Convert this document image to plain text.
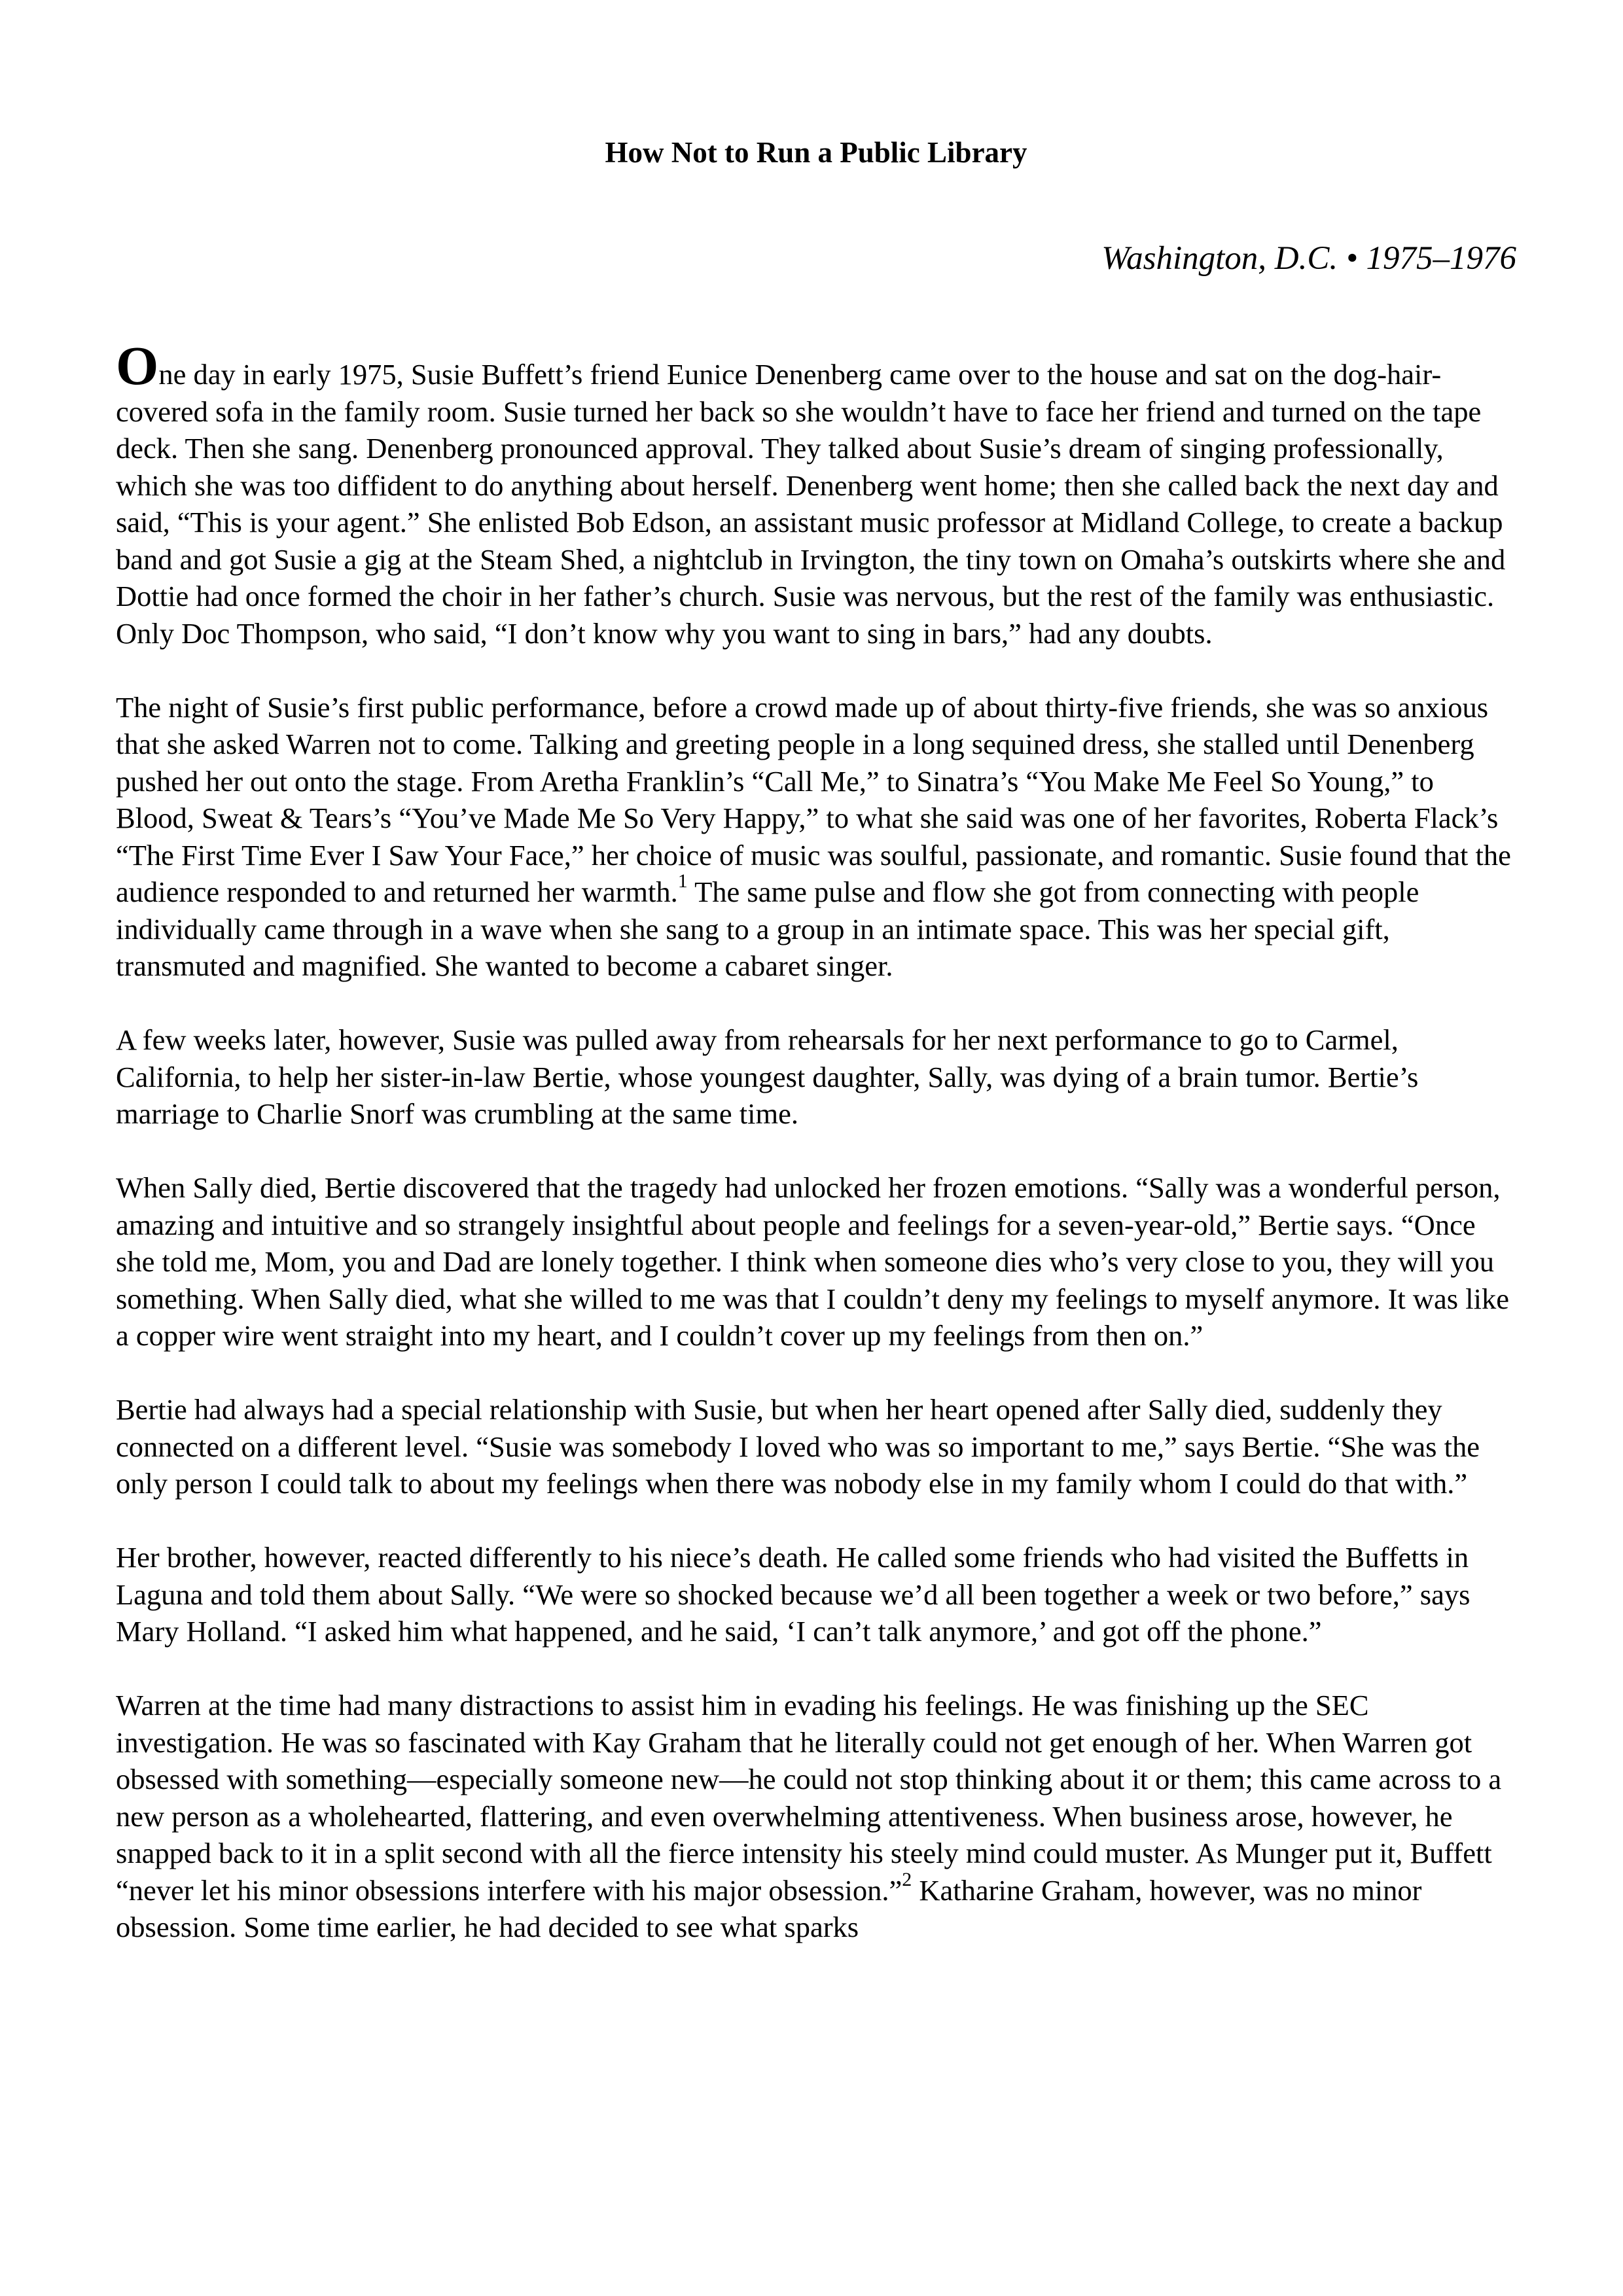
How Not to Run a Public Library
Washington, D.C. • 1975–1976

One day in early 1975, Susie Buffett’s friend Eunice Denenberg came over to the house and sat on the dog-hair-covered sofa in the family room. Susie turned her back so she wouldn’t have to face her friend and turned on the tape deck. Then she sang. Denenberg pronounced approval. They talked about Susie’s dream of singing professionally, which she was too diffident to do anything about herself. Denenberg went home; then she called back the next day and said, “This is your agent.” She enlisted Bob Edson, an assistant music professor at Midland College, to create a backup band and got Susie a gig at the Steam Shed, a nightclub in Irvington, the tiny town on Omaha’s outskirts where she and Dottie had once formed the choir in her father’s church. Susie was nervous, but the rest of the family was enthusiastic. Only Doc Thompson, who said, “I don’t know why you want to sing in bars,” had any doubts.

The night of Susie’s first public performance, before a crowd made up of about thirty-five friends, she was so anxious that she asked Warren not to come. Talking and greeting people in a long sequined dress, she stalled until Denenberg pushed her out onto the stage. From Aretha Franklin’s “Call Me,” to Sinatra’s “You Make Me Feel So Young,” to Blood, Sweat & Tears’s “You’ve Made Me So Very Happy,” to what she said was one of her favorites, Roberta Flack’s “The First Time Ever I Saw Your Face,” her choice of music was soulful, passionate, and romantic. Susie found that the audience responded to and returned her warmth.$^1$ The same pulse and flow she got from connecting with people individually came through in a wave when she sang to a group in an intimate space. This was her special gift, transmuted and magnified. She wanted to become a cabaret singer.

A few weeks later, however, Susie was pulled away from rehearsals for her next performance to go to Carmel, California, to help her sister-in-law Bertie, whose youngest daughter, Sally, was dying of a brain tumor. Bertie’s marriage to Charlie Snorf was crumbling at the same time.

When Sally died, Bertie discovered that the tragedy had unlocked her frozen emotions. “Sally was a wonderful person, amazing and intuitive and so strangely insightful about people and feelings for a seven-year-old,” Bertie says. “Once she told me, Mom, you and Dad are lonely together. I think when someone dies who’s very close to you, they will you something. When Sally died, what she willed to me was that I couldn’t deny my feelings to myself anymore. It was like a copper wire went straight into my heart, and I couldn’t cover up my feelings from then on.”

Bertie had always had a special relationship with Susie, but when her heart opened after Sally died, suddenly they connected on a different level. “Susie was somebody I loved who was so important to me,” says Bertie. “She was the only person I could talk to about my feelings when there was nobody else in my family whom I could do that with.”

Her brother, however, reacted differently to his niece’s death. He called some friends who had visited the Buffetts in Laguna and told them about Sally. “We were so shocked because we’d all been together a week or two before,” says Mary Holland. “I asked him what happened, and he said, ‘I can’t talk anymore,’ and got off the phone.”

Warren at the time had many distractions to assist him in evading his feelings. He was finishing up the SEC investigation. He was so fascinated with Kay Graham that he literally could not get enough of her. When Warren got obsessed with something—especially someone new—he could not stop thinking about it or them; this came across to a new person as a wholehearted, flattering, and even overwhelming attentiveness. When business arose, however, he snapped back to it in a split second with all the fierce intensity his steely mind could muster. As Munger put it, Buffett “never let his minor obsessions interfere with his major obsession.”$^2$ Katharine Graham, however, was no minor obsession. Some time earlier, he had decided to see what sparks
